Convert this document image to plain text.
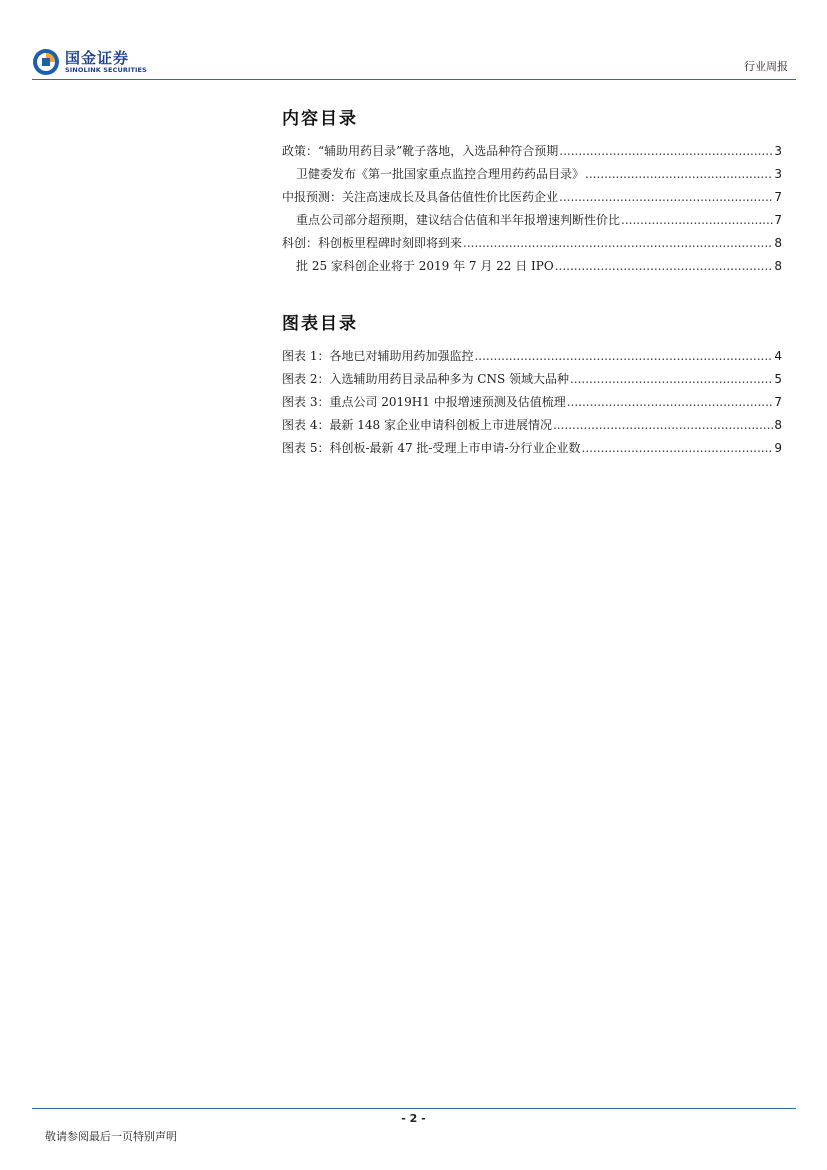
国金证券
SINOLINK SECURITIES	行业周报
内容目录
政策：“辅助用药目录”靴子落地，入选品种符合预期 .....	3
卫健委发布《第一批国家重点监控合理用药药品目录》 .....	3
中报预测：关注高速成长及具备估值性价比医药企业 .....	7
重点公司部分超预期，建议结合估值和半年报增速判断性价比 .....	7
科创：科创板里程碑时刻即将到来 .....	8
批 25 家科创企业将于 2019 年 7 月 22 日 IPO .....	8
图表目录
图表 1：各地已对辅助用药加强监控 .....	4
图表 2：入选辅助用药目录品种多为 CNS 领域大品种 .....	5
图表 3：重点公司 2019H1 中报增速预测及估值梳理 .....	7
图表 4：最新 148 家企业申请科创板上市进展情况 .....	8
图表 5：科创板-最新 47 批-受理上市申请-分行业企业数 .....	9
- 2 -
敬请参阅最后一页特别声明
